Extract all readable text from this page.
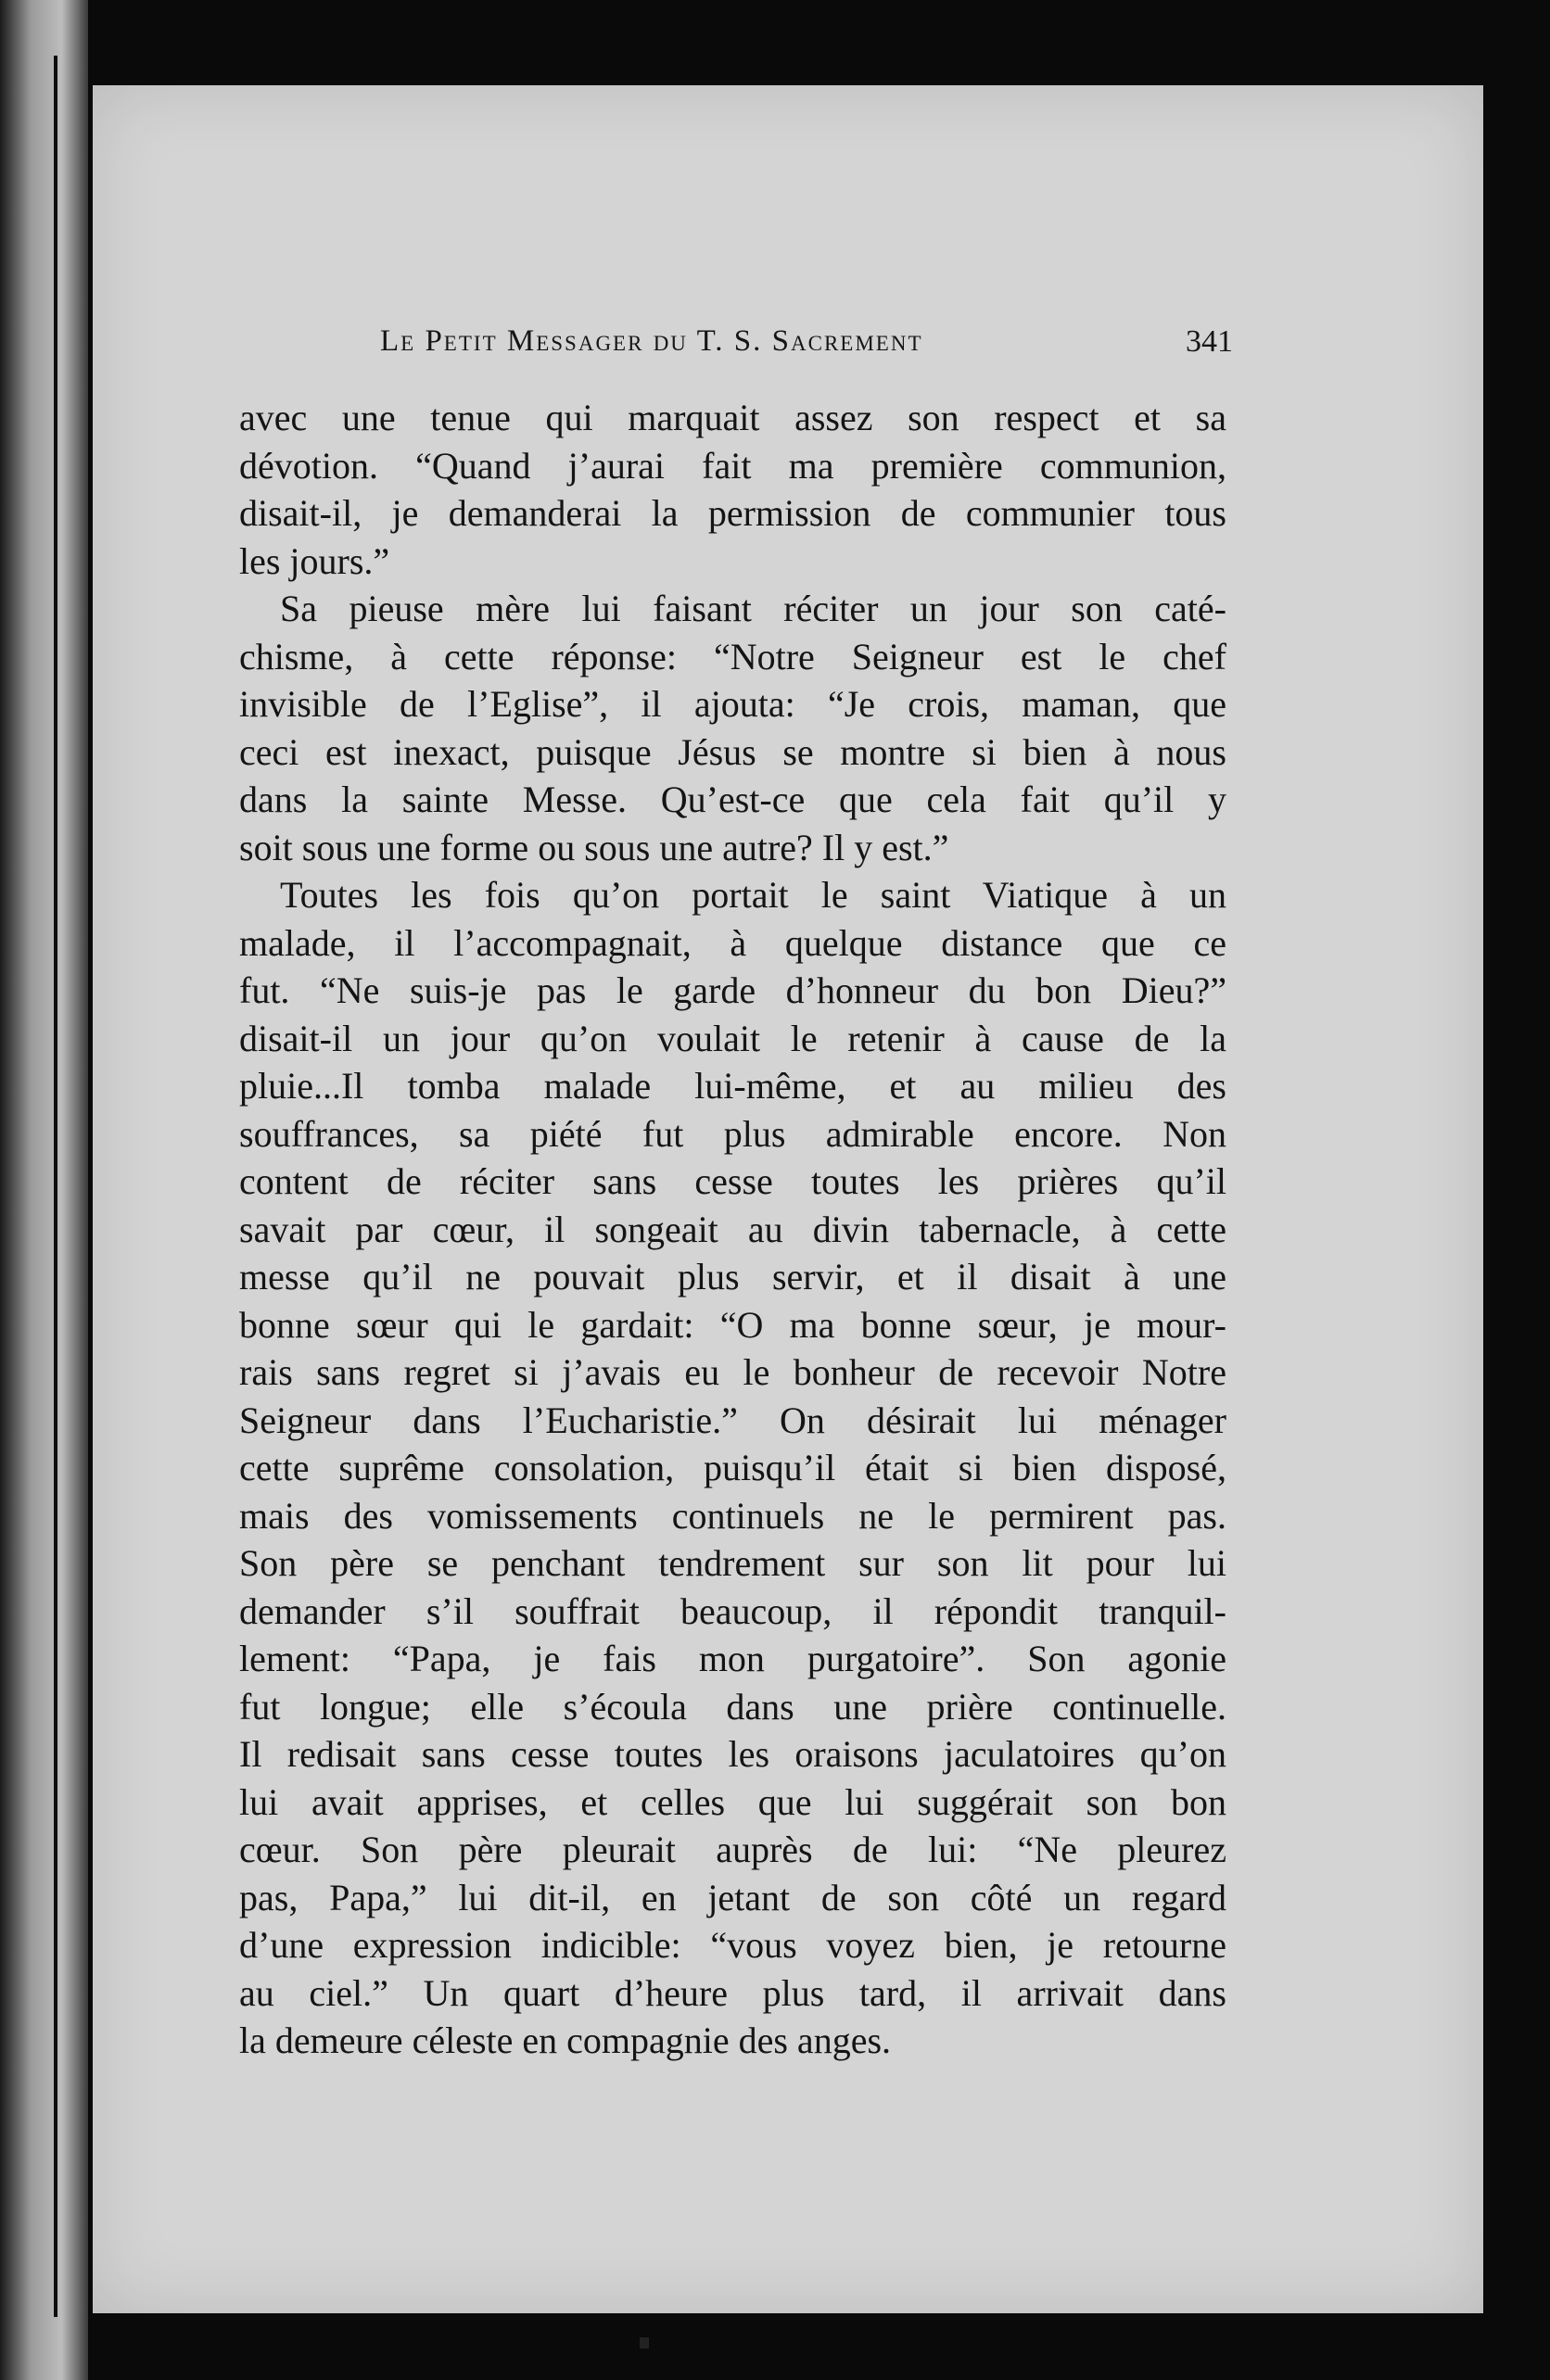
Le Petit Messager du T. S. Sacrement	341
avec une tenue qui marquait assez son respect et sa
dévotion. “Quand j’aurai fait ma première communion,
disait-il, je demanderai la permission de communier tous
les jours.”
Sa pieuse mère lui faisant réciter un jour son caté-
chisme, à cette réponse: “Notre Seigneur est le chef
invisible de l’Eglise”, il ajouta: “Je crois, maman, que
ceci est inexact, puisque Jésus se montre si bien à nous
dans la sainte Messe. Qu’est-ce que cela fait qu’il y
soit sous une forme ou sous une autre? Il y est.”
Toutes les fois qu’on portait le saint Viatique à un
malade, il l’accompagnait, à quelque distance que ce
fut. “Ne suis-je pas le garde d’honneur du bon Dieu?”
disait-il un jour qu’on voulait le retenir à cause de la
pluie...Il tomba malade lui-même, et au milieu des
souffrances, sa piété fut plus admirable encore. Non
content de réciter sans cesse toutes les prières qu’il
savait par cœur, il songeait au divin tabernacle, à cette
messe qu’il ne pouvait plus servir, et il disait à une
bonne sœur qui le gardait: “O ma bonne sœur, je mour-
rais sans regret si j’avais eu le bonheur de recevoir Notre
Seigneur dans l’Eucharistie.” On désirait lui ménager
cette suprême consolation, puisqu’il était si bien disposé,
mais des vomissements continuels ne le permirent pas.
Son père se penchant tendrement sur son lit pour lui
demander s’il souffrait beaucoup, il répondit tranquil-
lement: “Papa, je fais mon purgatoire”. Son agonie
fut longue; elle s’écoula dans une prière continuelle.
Il redisait sans cesse toutes les oraisons jaculatoires qu’on
lui avait apprises, et celles que lui suggérait son bon
cœur. Son père pleurait auprès de lui: “Ne pleurez
pas, Papa,” lui dit-il, en jetant de son côté un regard
d’une expression indicible: “vous voyez bien, je retourne
au ciel.” Un quart d’heure plus tard, il arrivait dans
la demeure céleste en compagnie des anges.
